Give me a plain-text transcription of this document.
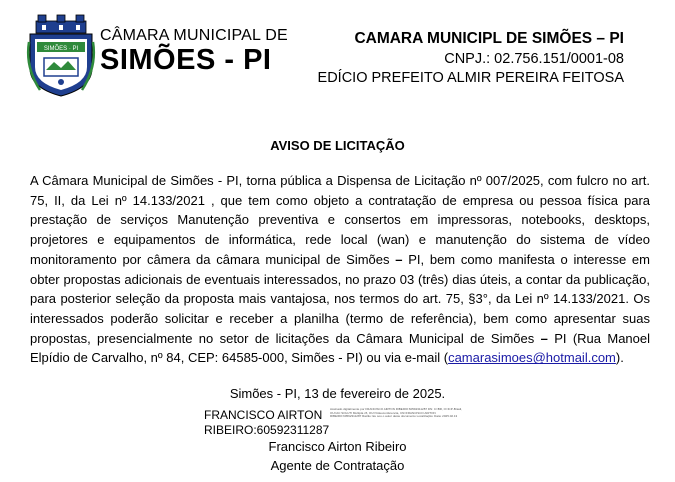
SIMÕES · PI
CÂMARA MUNICIPAL DE
SIMÕES - PI
CAMARA MUNICIPL DE SIMÕES – PI
CNPJ.: 02.756.151/0001-08
EDÍCIO PREFEITO ALMIR PEREIRA FEITOSA
AVISO DE LICITAÇÃO
A Câmara Municipal de Simões - PI, torna pública a Dispensa de Licitação nº 007/2025, com fulcro no art. 75, II, da Lei nº 14.133/2021 , que tem como objeto a contratação de empresa ou pessoa física para prestação de serviços Manutenção preventiva e consertos em impressoras, notebooks, desktops, projetores e equipamentos de informática, rede local (wan) e manutenção do sistema de vídeo monitoramento por câmera da câmara municipal de Simões – PI, bem como manifesta o interesse em obter propostas adicionais de eventuais interessados, no prazo 03 (três) dias úteis, a contar da publicação, para posterior seleção da proposta mais vantajosa, nos termos do art. 75, §3°, da Lei nº 14.133/2021. Os interessados poderão solicitar e receber a planilha (termo de referência), bem como apresentar suas propostas, presencialmente no setor de licitações da Câmara Municipal de Simões – PI (Rua Manoel Elpídio de Carvalho, nº 84, CEP: 64585-000, Simões - PI) ou via e-mail (camarasimoes@hotmail.com).
Simões - PI, 13 de fevereiro de 2025.
FRANCISCO AIRTON
RIBEIRO:60592311287
Assinado digitalmente por FRANCISCO AIRTON RIBEIRO:60592311287 DN: C=BR, O=ICP-Brasil, OU=AC SOLUTI Multipla v5, OU=Videoconferencia, CN=FRANCISCO AIRTON RIBEIRO:60592311287 Razão: Eu sou o autor deste documento Localização: Data: 2025.02.13
Francisco Airton Ribeiro
Agente de Contratação
